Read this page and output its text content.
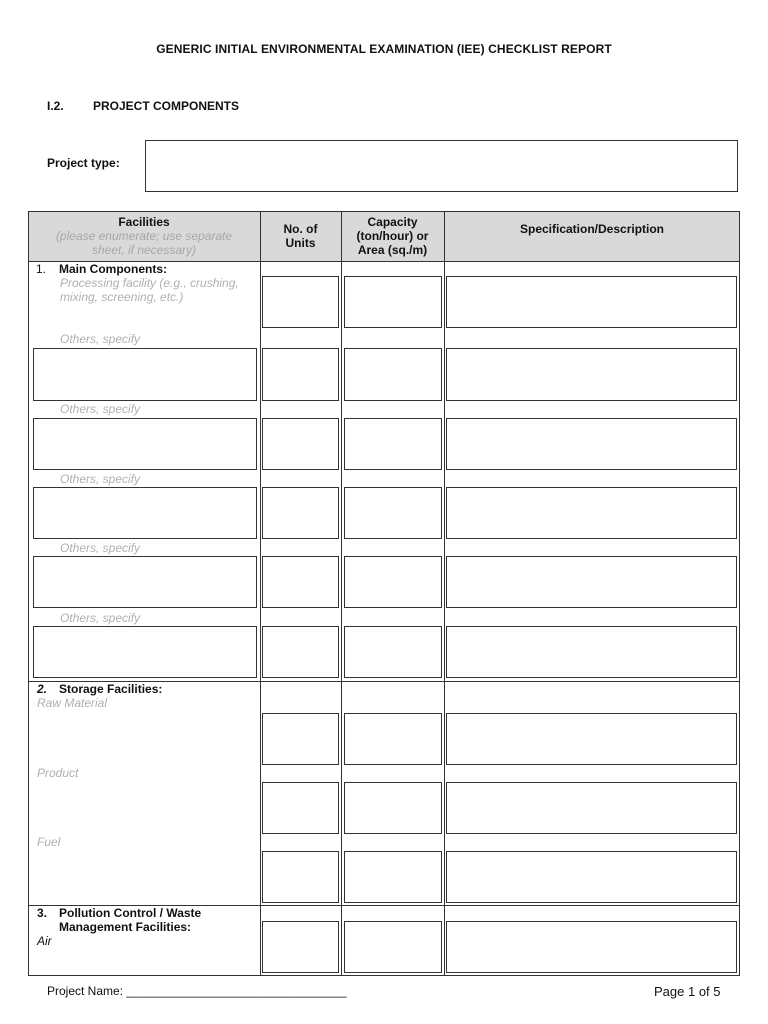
GENERIC INITIAL ENVIRONMENTAL EXAMINATION (IEE) CHECKLIST REPORT
I.2. PROJECT COMPONENTS
Project type:
Facilities
(please enumerate; use separate
sheet, if necessary)
No. of
Units
Capacity
(ton/hour) or
Area (sq./m)
Specification/Description
1. Main Components:
Processing facility (e.g., crushing,
mixing, screening, etc.)
Others, specify
Others, specify
Others, specify
Others, specify
Others, specify
2. Storage Facilities:
Raw Material
Product
Fuel
3. Pollution Control / Waste
Management Facilities:
Air
Project Name: _________________________________	Page 1 of 5
